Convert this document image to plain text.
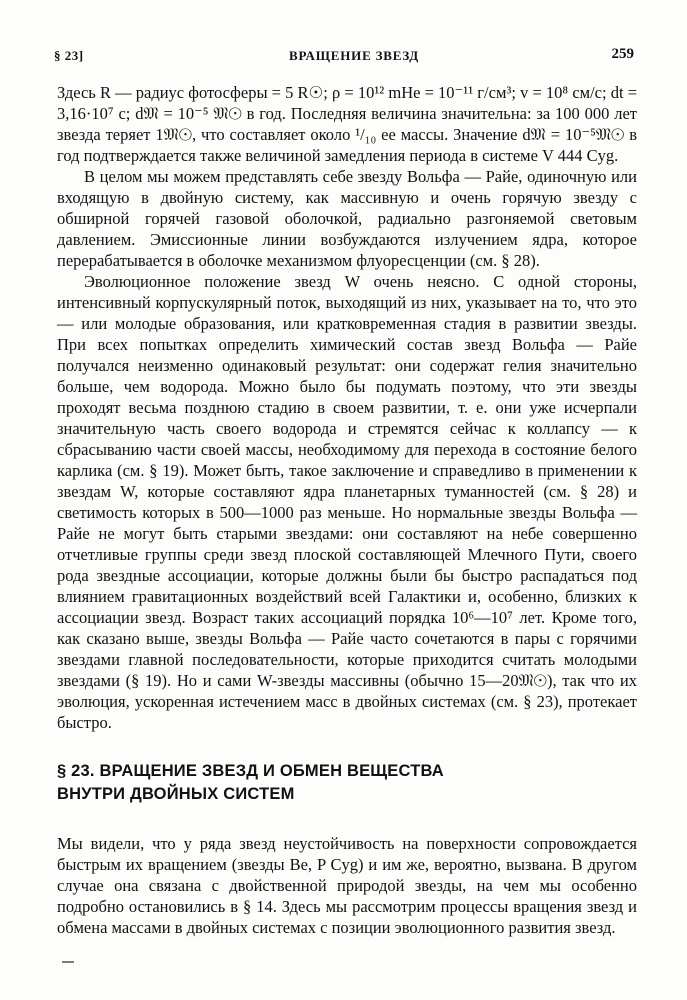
§ 23]	ВРАЩЕНИЕ ЗВЕЗД	259

Здесь R — радиус фотосферы = 5 R☉; ρ = 10¹² mHe = 10⁻¹¹ г/см³; v = 10⁸ см/с; dt = 3,16·10⁷ с; d𝔐 = 10⁻⁵ 𝔐☉ в год. Последняя величина значительна: за 100 000 лет звезда теряет 1𝔐☉, что составляет около ¹/₁₀ ее массы. Значение d𝔐 = 10⁻⁵𝔐☉ в год подтверждается также величиной замедления периода в системе V 444 Cyg.

В целом мы можем представлять себе звезду Вольфа — Райе, одиночную или входящую в двойную систему, как массивную и очень горячую звезду с обширной горячей газовой оболочкой, радиально разгоняемой световым давлением. Эмиссионные линии возбуждаются излучением ядра, которое перерабатывается в оболочке механизмом флуоресценции (см. § 28).

Эволюционное положение звезд W очень неясно. С одной стороны, интенсивный корпускулярный поток, выходящий из них, указывает на то, что это — или молодые образования, или кратковременная стадия в развитии звезды. При всех попытках определить химический состав звезд Вольфа — Райе получался неизменно одинаковый результат: они содержат гелия значительно больше, чем водорода. Можно было бы подумать поэтому, что эти звезды проходят весьма позднюю стадию в своем развитии, т. е. они уже исчерпали значительную часть своего водорода и стремятся сейчас к коллапсу — к сбрасыванию части своей массы, необходимому для перехода в состояние белого карлика (см. § 19). Может быть, такое заключение и справедливо в применении к звездам W, которые составляют ядра планетарных туманностей (см. § 28) и светимость которых в 500—1000 раз меньше. Но нормальные звезды Вольфа — Райе не могут быть старыми звездами: они составляют на небе совершенно отчетливые группы среди звезд плоской составляющей Млечного Пути, своего рода звездные ассоциации, которые должны были бы быстро распадаться под влиянием гравитационных воздействий всей Галактики и, особенно, близких к ассоциации звезд. Возраст таких ассоциаций порядка 10⁶—10⁷ лет. Кроме того, как сказано выше, звезды Вольфа — Райе часто сочетаются в пары с горячими звездами главной последовательности, которые приходится считать молодыми звездами (§ 19). Но и сами W-звезды массивны (обычно 15—20𝔐☉), так что их эволюция, ускоренная истечением масс в двойных системах (см. § 23), протекает быстро.

§ 23. ВРАЩЕНИЕ ЗВЕЗД И ОБМЕН ВЕЩЕСТВА
ВНУТРИ ДВОЙНЫХ СИСТЕМ

Мы видели, что у ряда звезд неустойчивость на поверхности сопровождается быстрым их вращением (звезды Be, P Cyg) и им же, вероятно, вызвана. В другом случае она связана с двойственной природой звезды, на чем мы особенно подробно остановились в § 14. Здесь мы рассмотрим процессы вращения звезд и обмена массами в двойных системах с позиции эволюционного развития звезд.
